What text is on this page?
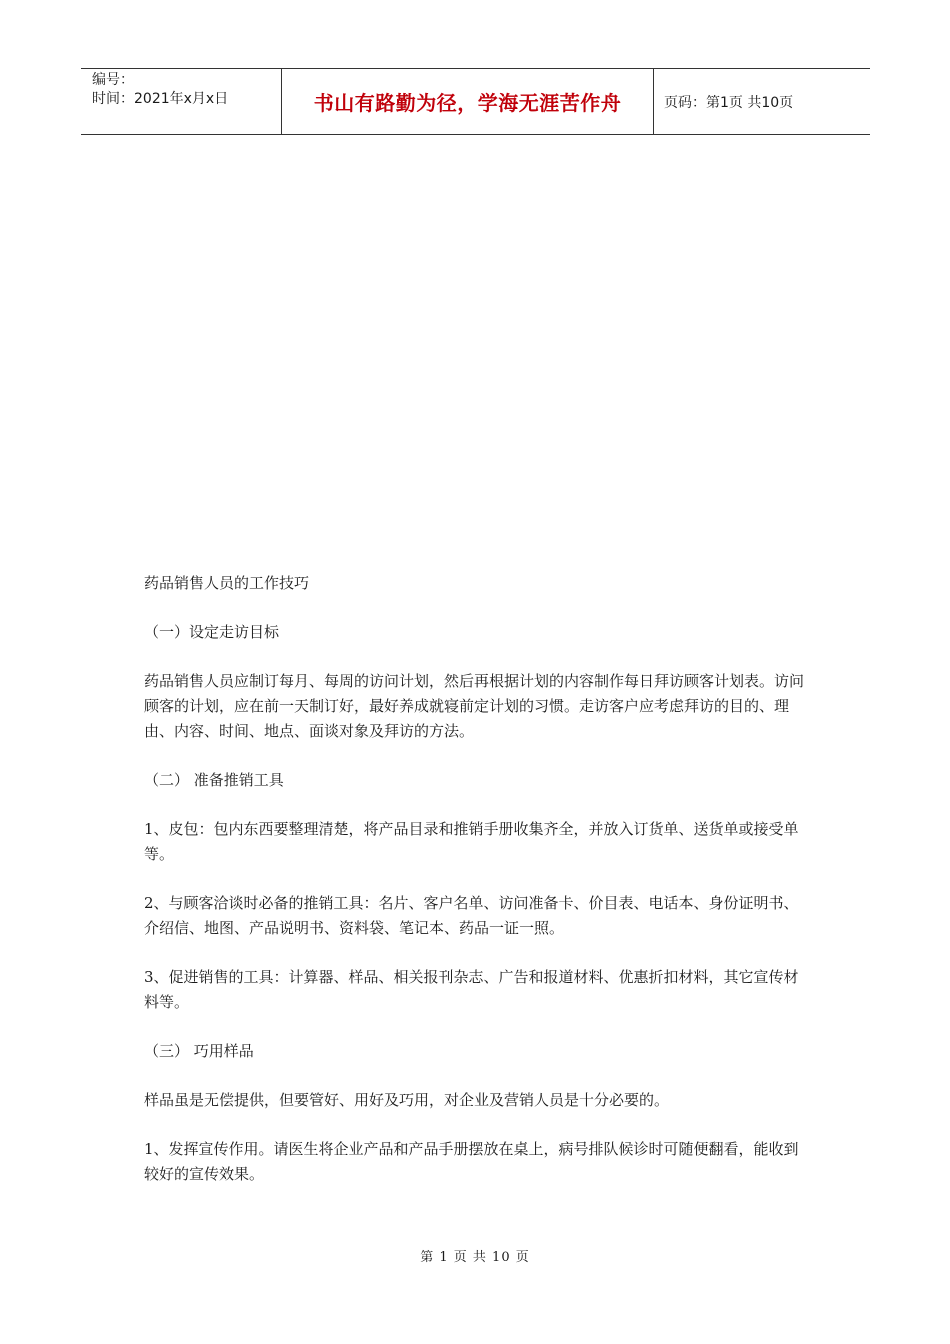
编号：
时间：2021年x月x日	书山有路勤为径，学海无涯苦作舟	页码：第1页 共10页

药品销售人员的工作技巧

（一）设定走访目标

药品销售人员应制订每月、每周的访问计划，然后再根据计划的内容制作每日拜访顾客计划表。访问顾客的计划，应在前一天制订好，最好养成就寝前定计划的习惯。走访客户应考虑拜访的目的、理由、内容、时间、地点、面谈对象及拜访的方法。

（二） 准备推销工具

1、皮包：包内东西要整理清楚，将产品目录和推销手册收集齐全，并放入订货单、送货单或接受单等。

2、与顾客洽谈时必备的推销工具：名片、客户名单、访问准备卡、价目表、电话本、身份证明书、介绍信、地图、产品说明书、资料袋、笔记本、药品一证一照。

3、促进销售的工具：计算器、样品、相关报刊杂志、广告和报道材料、优惠折扣材料，其它宣传材料等。

（三） 巧用样品

样品虽是无偿提供，但要管好、用好及巧用，对企业及营销人员是十分必要的。

1、发挥宣传作用。请医生将企业产品和产品手册摆放在桌上，病号排队候诊时可随便翻看，能收到较好的宣传效果。

第 1 页 共 10 页
